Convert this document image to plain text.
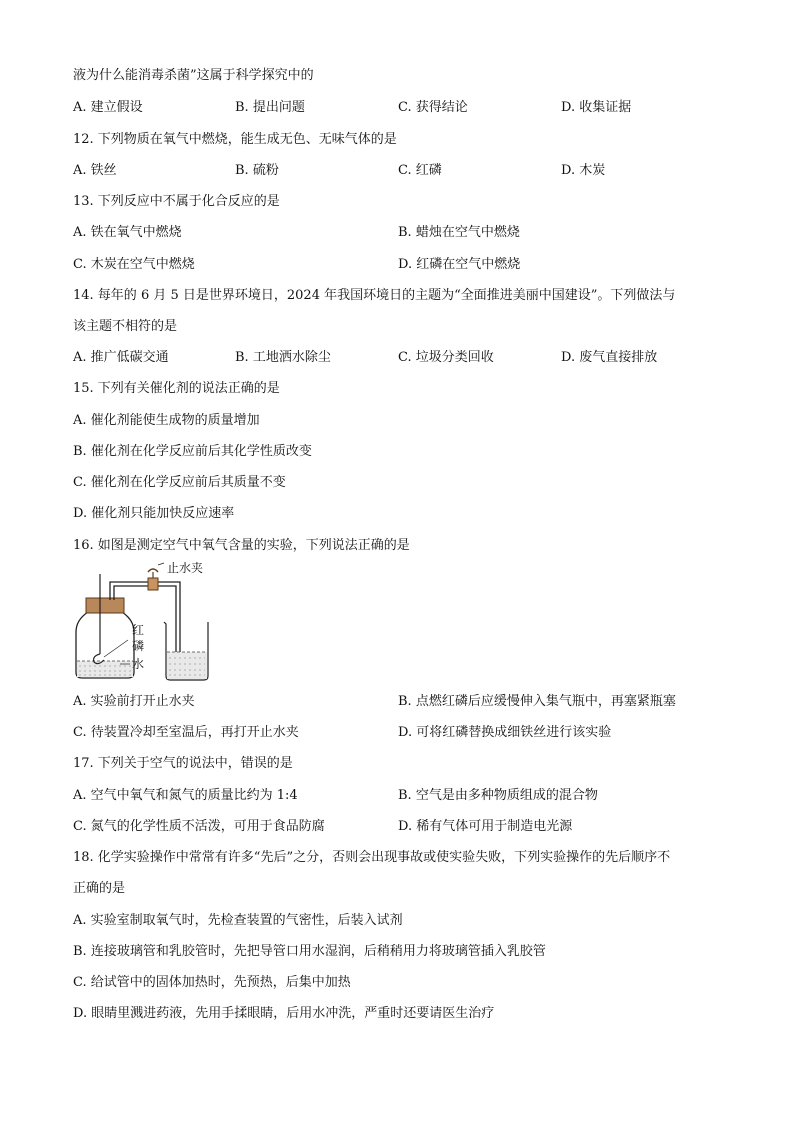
液为什么能消毒杀菌”这属于科学探究中的
A. 建立假设	B. 提出问题	C. 获得结论	D. 收集证据
12. 下列物质在氧气中燃烧，能生成无色、无味气体的是
A. 铁丝	B. 硫粉	C. 红磷	D. 木炭
13. 下列反应中不属于化合反应的是
A. 铁在氧气中燃烧	B. 蜡烛在空气中燃烧
C. 木炭在空气中燃烧	D. 红磷在空气中燃烧
14. 每年的 6 月 5 日是世界环境日，2024 年我国环境日的主题为“全面推进美丽中国建设”。下列做法与
该主题不相符的是
A. 推广低碳交通	B. 工地洒水除尘	C. 垃圾分类回收	D. 废气直接排放
15. 下列有关催化剂的说法正确的是
A. 催化剂能使生成物的质量增加
B. 催化剂在化学反应前后其化学性质改变
C. 催化剂在化学反应前后其质量不变
D. 催化剂只能加快反应速率
16. 如图是测定空气中氧气含量的实验，下列说法正确的是
止水夹
红
磷
水
A. 实验前打开止水夹	B. 点燃红磷后应缓慢伸入集气瓶中，再塞紧瓶塞
C. 待装置冷却至室温后，再打开止水夹	D. 可将红磷替换成细铁丝进行该实验
17. 下列关于空气的说法中，错误的是
A. 空气中氧气和氮气的质量比约为 1:4	B. 空气是由多种物质组成的混合物
C. 氮气的化学性质不活泼，可用于食品防腐	D. 稀有气体可用于制造电光源
18. 化学实验操作中常常有许多“先后”之分，否则会出现事故或使实验失败，下列实验操作的先后顺序不
正确的是
A. 实验室制取氧气时，先检查装置的气密性，后装入试剂
B. 连接玻璃管和乳胶管时，先把导管口用水湿润，后稍稍用力将玻璃管插入乳胶管
C. 给试管中的固体加热时，先预热，后集中加热
D. 眼睛里溅进药液，先用手揉眼睛，后用水冲洗，严重时还要请医生治疗
